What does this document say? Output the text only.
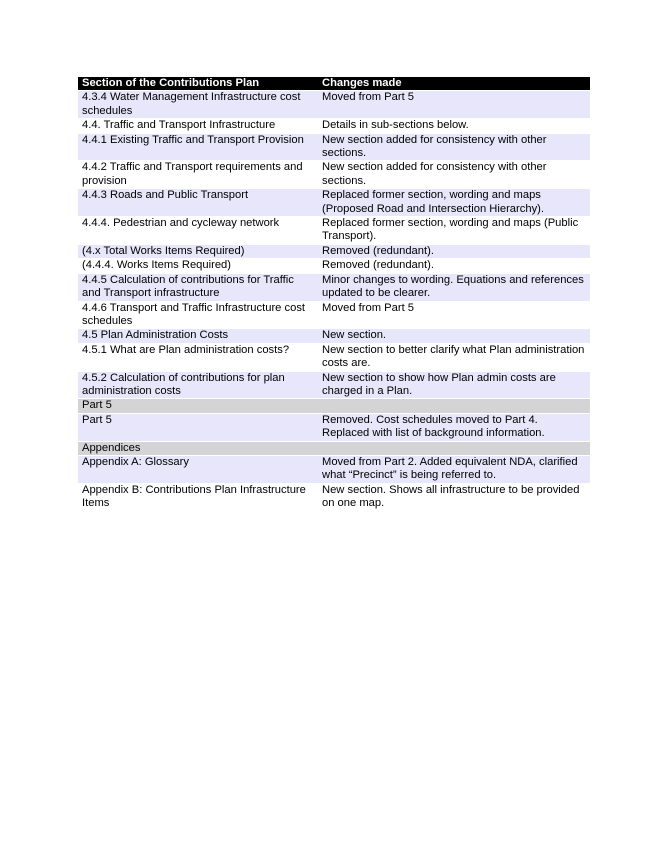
Section of the Contributions Plan	Changes made
4.3.4 Water Management Infrastructure cost schedules	Moved from Part 5
4.4. Traffic and Transport Infrastructure	Details in sub-sections below.
4.4.1 Existing Traffic and Transport Provision	New section added for consistency with other sections.
4.4.2 Traffic and Transport requirements and provision	New section added for consistency with other sections.
4.4.3 Roads and Public Transport	Replaced former section, wording and maps (Proposed Road and Intersection Hierarchy).
4.4.4. Pedestrian and cycleway network	Replaced former section, wording and maps (Public Transport).
(4.x Total Works Items Required)	Removed (redundant).
(4.4.4. Works Items Required)	Removed (redundant).
4.4.5 Calculation of contributions for Traffic and Transport infrastructure	Minor changes to wording. Equations and references updated to be clearer.
4.4.6 Transport and Traffic Infrastructure cost schedules	Moved from Part 5
4.5 Plan Administration Costs	New section.
4.5.1 What are Plan administration costs?	New section to better clarify what Plan administration costs are.
4.5.2 Calculation of contributions for plan administration costs	New section to show how Plan admin costs are charged in a Plan.
Part 5	
Part 5	Removed. Cost schedules moved to Part 4. Replaced with list of background information.
Appendices	
Appendix A: Glossary	Moved from Part 2. Added equivalent NDA, clarified what “Precinct” is being referred to.
Appendix B: Contributions Plan Infrastructure Items	New section. Shows all infrastructure to be provided on one map.
